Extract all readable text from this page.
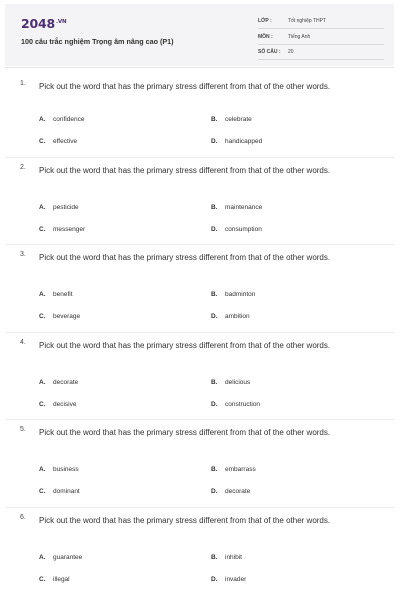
$2048^{.VN}$
100 câu trắc nghiệm Trọng âm nâng cao (P1)
LỚP :	Tốt nghiệp THPT
MÔN :	Tiếng Anh
SỐ CÂU : 20
1. Pick out the word that has the primary stress different from that of the other words.
A. confidence	B. celebrate
C. effective	D. handicapped
2. Pick out the word that has the primary stress different from that of the other words.
A. pesticide	B. maintenance
C. messenger	D. consumption
3. Pick out the word that has the primary stress different from that of the other words.
A. benefit	B. badminton
C. beverage	D. ambition
4. Pick out the word that has the primary stress different from that of the other words.
A. decorate	B. delicious
C. decisive	D. construction
5. Pick out the word that has the primary stress different from that of the other words.
A. business	B. embarrass
C. dominant	D. decorate
6. Pick out the word that has the primary stress different from that of the other words.
A. guarantee	B. inhibit
C. illegal	D. invader
